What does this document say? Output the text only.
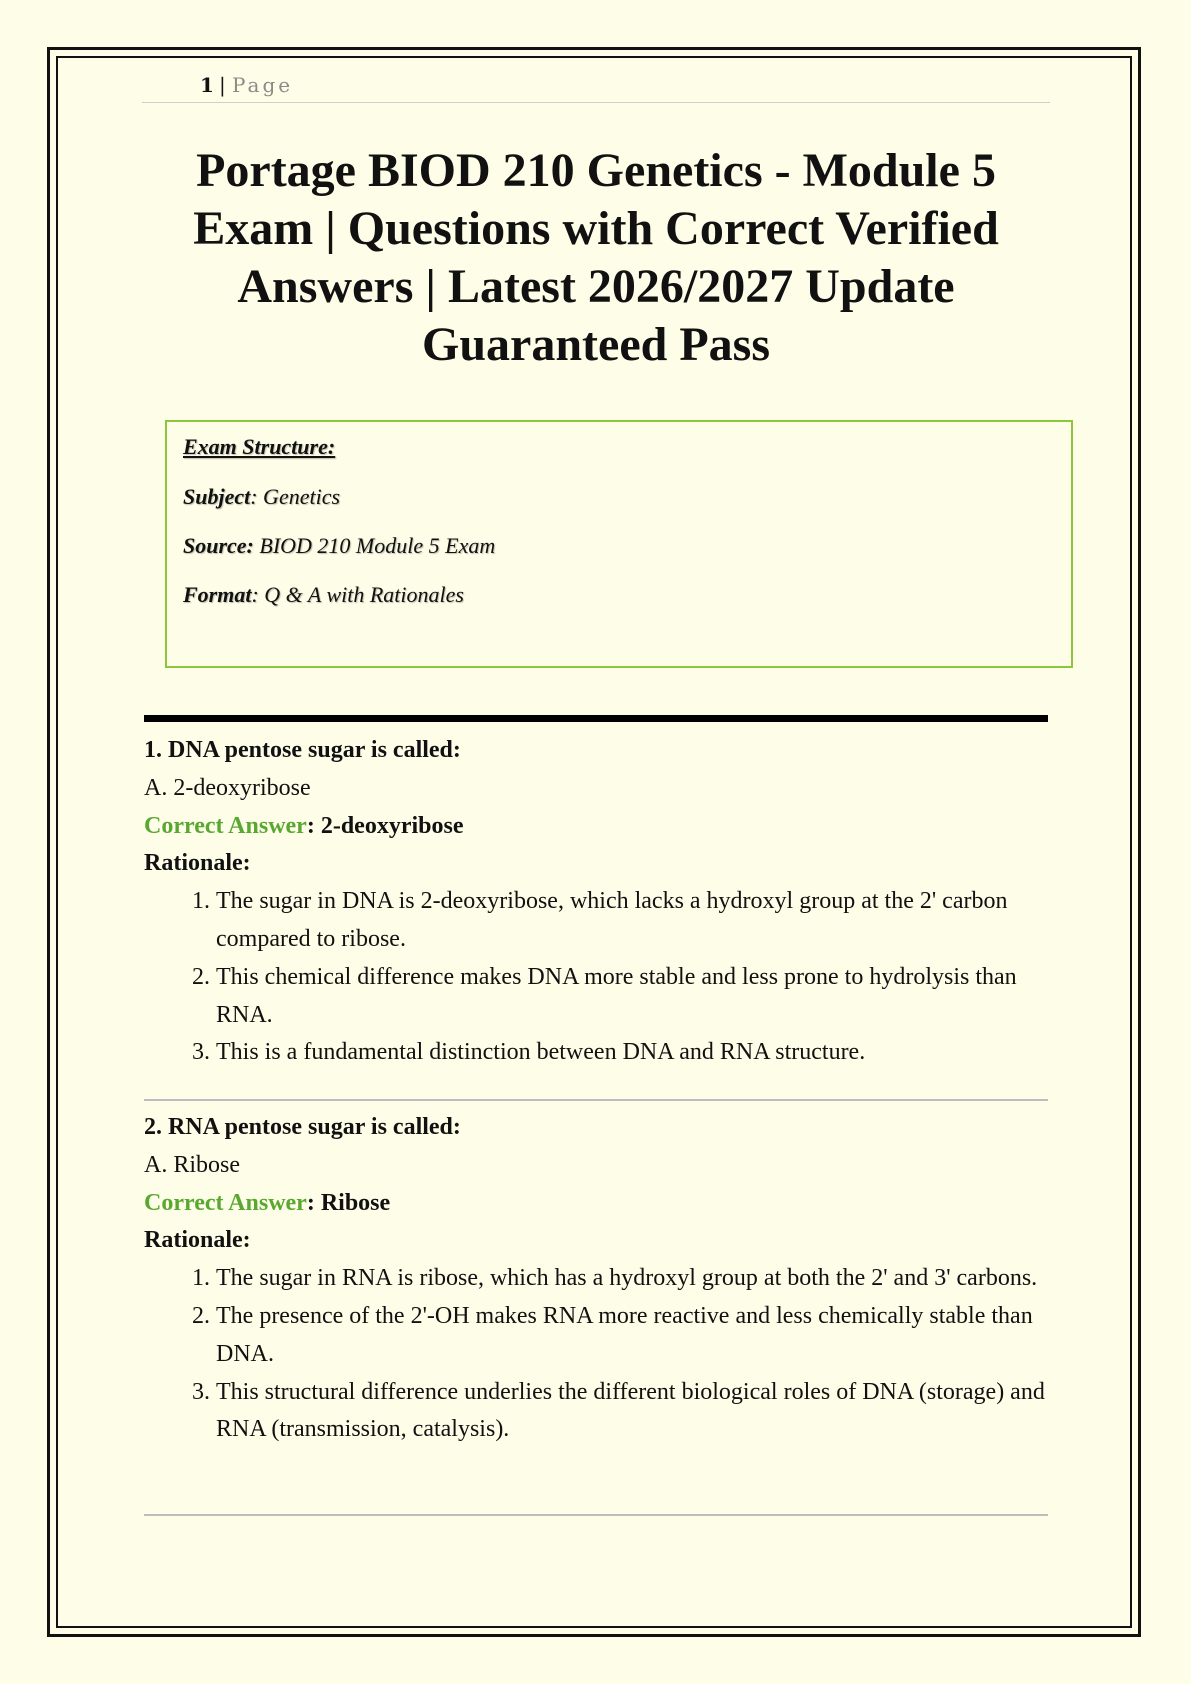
1 | Page
Portage BIOD 210 Genetics - Module 5 Exam | Questions with Correct Verified Answers | Latest 2026/2027 Update Guaranteed Pass
Exam Structure:
Subject: Genetics
Source: BIOD 210 Module 5 Exam
Format: Q & A with Rationales
1. DNA pentose sugar is called:
A. 2-deoxyribose
Correct Answer: 2-deoxyribose
Rationale:
1. The sugar in DNA is 2-deoxyribose, which lacks a hydroxyl group at the 2' carbon compared to ribose.
2. This chemical difference makes DNA more stable and less prone to hydrolysis than RNA.
3. This is a fundamental distinction between DNA and RNA structure.
2. RNA pentose sugar is called:
A. Ribose
Correct Answer: Ribose
Rationale:
1. The sugar in RNA is ribose, which has a hydroxyl group at both the 2' and 3' carbons.
2. The presence of the 2'-OH makes RNA more reactive and less chemically stable than DNA.
3. This structural difference underlies the different biological roles of DNA (storage) and RNA (transmission, catalysis).
